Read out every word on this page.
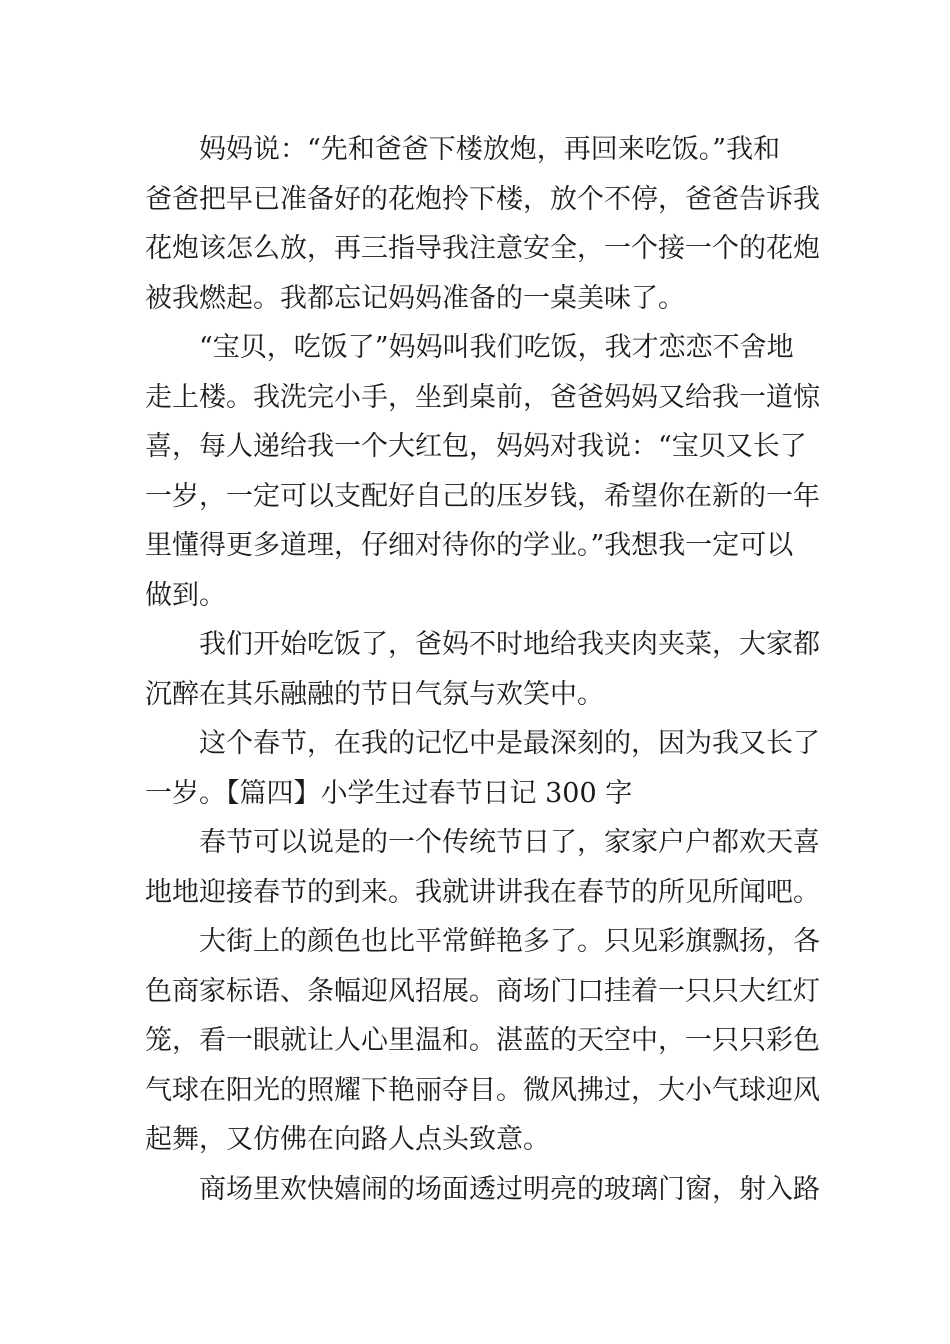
妈妈说：“先和爸爸下楼放炮，再回来吃饭。”我和
爸爸把早已准备好的花炮拎下楼，放个不停，爸爸告诉我
花炮该怎么放，再三指导我注意安全，一个接一个的花炮
被我燃起。我都忘记妈妈准备的一桌美味了。

“宝贝，吃饭了”妈妈叫我们吃饭，我才恋恋不舍地
走上楼。我洗完小手，坐到桌前，爸爸妈妈又给我一道惊
喜，每人递给我一个大红包，妈妈对我说：“宝贝又长了
一岁，一定可以支配好自己的压岁钱，希望你在新的一年
里懂得更多道理，仔细对待你的学业。”我想我一定可以
做到。

我们开始吃饭了，爸妈不时地给我夹肉夹菜，大家都
沉醉在其乐融融的节日气氛与欢笑中。

这个春节，在我的记忆中是最深刻的，因为我又长了
一岁。【篇四】小学生过春节日记 300 字

春节可以说是的一个传统节日了，家家户户都欢天喜
地地迎接春节的到来。我就讲讲我在春节的所见所闻吧。

大街上的颜色也比平常鲜艳多了。只见彩旗飘扬，各
色商家标语、条幅迎风招展。商场门口挂着一只只大红灯
笼，看一眼就让人心里温和。湛蓝的天空中，一只只彩色
气球在阳光的照耀下艳丽夺目。微风拂过，大小气球迎风
起舞，又仿佛在向路人点头致意。

商场里欢快嬉闹的场面透过明亮的玻璃门窗，射入路
